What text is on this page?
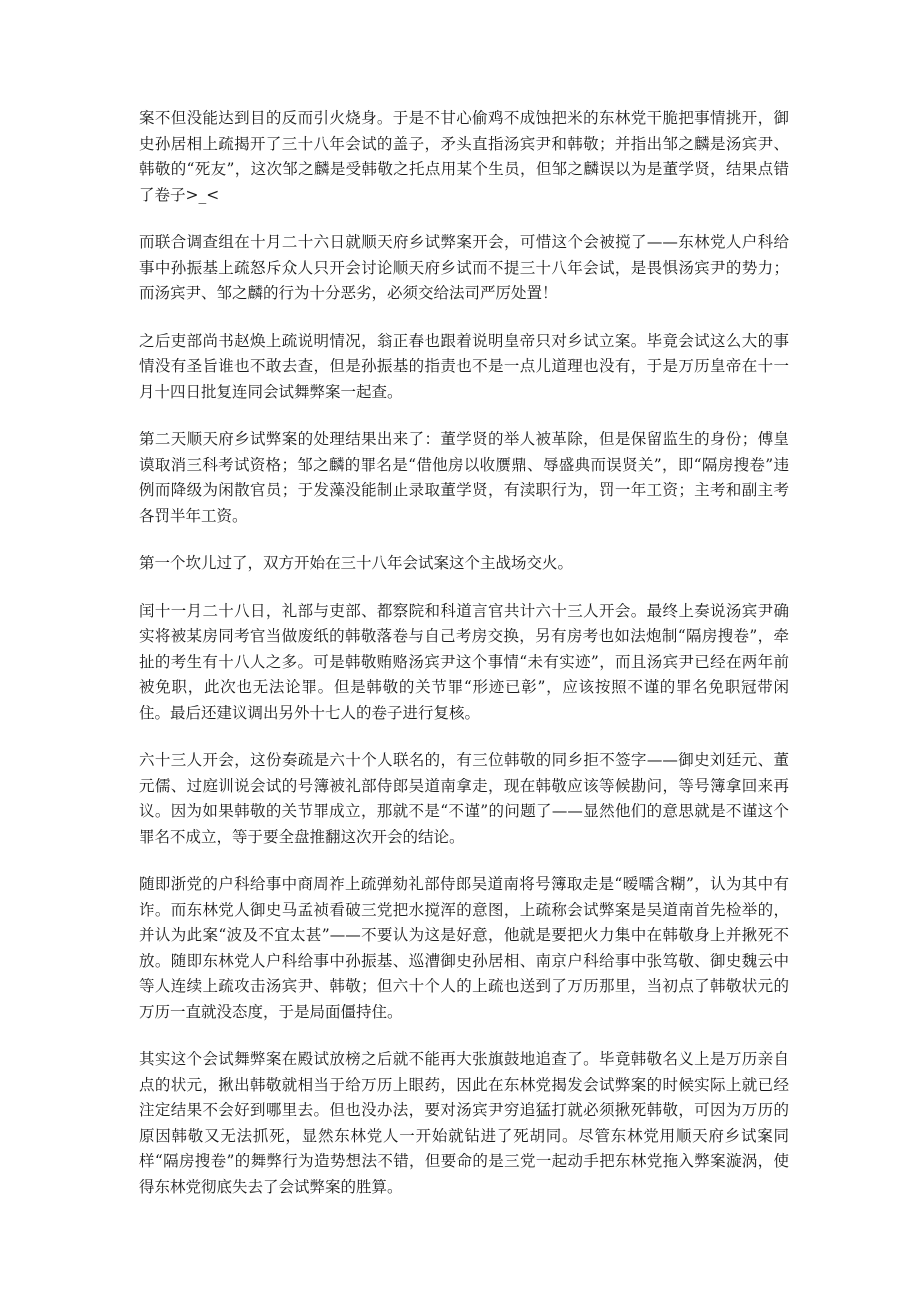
案不但没能达到目的反而引火烧身。于是不甘心偷鸡不成蚀把米的东林党干脆把事情挑开，御史孙居相上疏揭开了三十八年会试的盖子，矛头直指汤宾尹和韩敬；并指出邹之麟是汤宾尹、韩敬的“死友”，这次邹之麟是受韩敬之托点用某个生员，但邹之麟误以为是董学贤，结果点错了卷子>_<

而联合调查组在十月二十六日就顺天府乡试弊案开会，可惜这个会被搅了——东林党人户科给事中孙振基上疏怒斥众人只开会讨论顺天府乡试而不提三十八年会试，是畏惧汤宾尹的势力；而汤宾尹、邹之麟的行为十分恶劣，必须交给法司严厉处置！

之后吏部尚书赵焕上疏说明情况，翁正春也跟着说明皇帝只对乡试立案。毕竟会试这么大的事情没有圣旨谁也不敢去查，但是孙振基的指责也不是一点儿道理也没有，于是万历皇帝在十一月十四日批复连同会试舞弊案一起查。

第二天顺天府乡试弊案的处理结果出来了：董学贤的举人被革除，但是保留监生的身份；傅皇谟取消三科考试资格；邹之麟的罪名是“借他房以收赝鼎、辱盛典而误贤关”，即“隔房搜卷”违例而降级为闲散官员；于发藻没能制止录取董学贤，有渎职行为，罚一年工资；主考和副主考各罚半年工资。

第一个坎儿过了，双方开始在三十八年会试案这个主战场交火。

闰十一月二十八日，礼部与吏部、都察院和科道言官共计六十三人开会。最终上奏说汤宾尹确实将被某房同考官当做废纸的韩敬落卷与自己考房交换，另有房考也如法炮制“隔房搜卷”，牵扯的考生有十八人之多。可是韩敬贿赂汤宾尹这个事情“未有实迹”，而且汤宾尹已经在两年前被免职，此次也无法论罪。但是韩敬的关节罪“形迹已彰”，应该按照不谨的罪名免职冠带闲住。最后还建议调出另外十七人的卷子进行复核。

六十三人开会，这份奏疏是六十个人联名的，有三位韩敬的同乡拒不签字——御史刘廷元、董元儒、过庭训说会试的号簿被礼部侍郎吴道南拿走，现在韩敬应该等候勘问，等号簿拿回来再议。因为如果韩敬的关节罪成立，那就不是“不谨”的问题了——显然他们的意思就是不谨这个罪名不成立，等于要全盘推翻这次开会的结论。

随即浙党的户科给事中商周祚上疏弹劾礼部侍郎吴道南将号簿取走是“暧嚅含糊”，认为其中有诈。而东林党人御史马孟祯看破三党把水搅浑的意图，上疏称会试弊案是吴道南首先检举的，并认为此案“波及不宜太甚”——不要认为这是好意，他就是要把火力集中在韩敬身上并揪死不放。随即东林党人户科给事中孙振基、巡漕御史孙居相、南京户科给事中张笃敬、御史魏云中等人连续上疏攻击汤宾尹、韩敬；但六十个人的上疏也送到了万历那里，当初点了韩敬状元的万历一直就没态度，于是局面僵持住。

其实这个会试舞弊案在殿试放榜之后就不能再大张旗鼓地追查了。毕竟韩敬名义上是万历亲自点的状元，揪出韩敬就相当于给万历上眼药，因此在东林党揭发会试弊案的时候实际上就已经注定结果不会好到哪里去。但也没办法，要对汤宾尹穷追猛打就必须揪死韩敬，可因为万历的原因韩敬又无法抓死，显然东林党人一开始就钻进了死胡同。尽管东林党用顺天府乡试案同样“隔房搜卷”的舞弊行为造势想法不错，但要命的是三党一起动手把东林党拖入弊案漩涡，使得东林党彻底失去了会试弊案的胜算。
